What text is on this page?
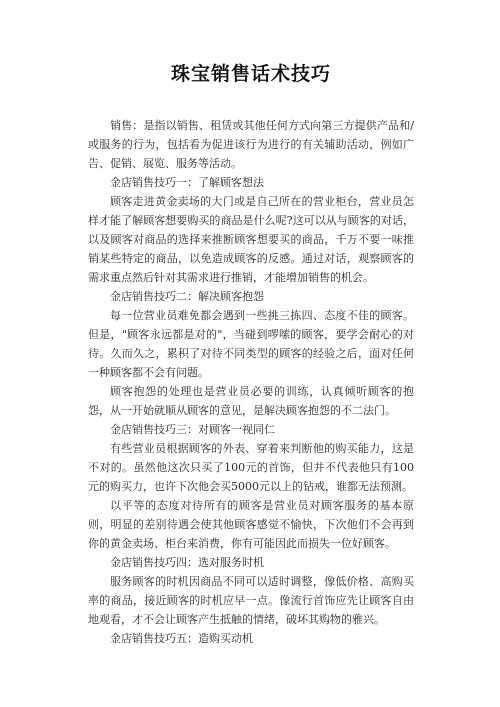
珠宝销售话术技巧

销售：是指以销售、租赁或其他任何方式向第三方提供产品和/或服务的行为，包括看为促进该行为进行的有关辅助活动，例如广告、促销、展览、服务等活动。

金店销售技巧一：了解顾客想法

顾客走进黄金卖场的大门或是自己所在的营业柜台，营业员怎样才能了解顾客想要购买的商品是什么呢?这可以从与顾客的对话，以及顾客对商品的选择来推断顾客想要买的商品，千万不要一味推销某些特定的商品，以免造成顾客的反感。通过对话，观察顾客的需求重点然后针对其需求进行推销，才能增加销售的机会。

金店销售技巧二：解决顾客抱怨

每一位营业员难免都会遇到一些挑三拣四、态度不佳的顾客。但是，"顾客永远都是对的"，当碰到啰嗦的顾客，要学会耐心的对待。久而久之，累积了对待不同类型的顾客的经验之后，面对任何一种顾客都不会有问题。

顾客抱怨的处理也是营业员必要的训练，认真倾听顾客的抱怨，从一开始就顺从顾客的意见，是解决顾客抱怨的不二法门。

金店销售技巧三：对顾客一视同仁

有些营业员根据顾客的外表、穿着来判断他的购买能力，这是不对的。虽然他这次只买了100元的首饰，但并不代表他只有100元的购买力，也许下次他会买5000元以上的钻戒，谁都无法预测。

以平等的态度对待所有的顾客是营业员对顾客服务的基本原则，明显的差别待遇会使其他顾客感觉不愉快，下次他们不会再到你的黄金卖场、柜台来消费，你有可能因此而损失一位好顾客。

金店销售技巧四：选对服务时机

服务顾客的时机因商品不同可以适时调整，像低价格、高购买率的商品，接近顾客的时机应早一点。像流行首饰应先让顾客自由地观看，才不会让顾客产生抵触的情绪，破坏其购物的雅兴。

金店销售技巧五：造购买动机
